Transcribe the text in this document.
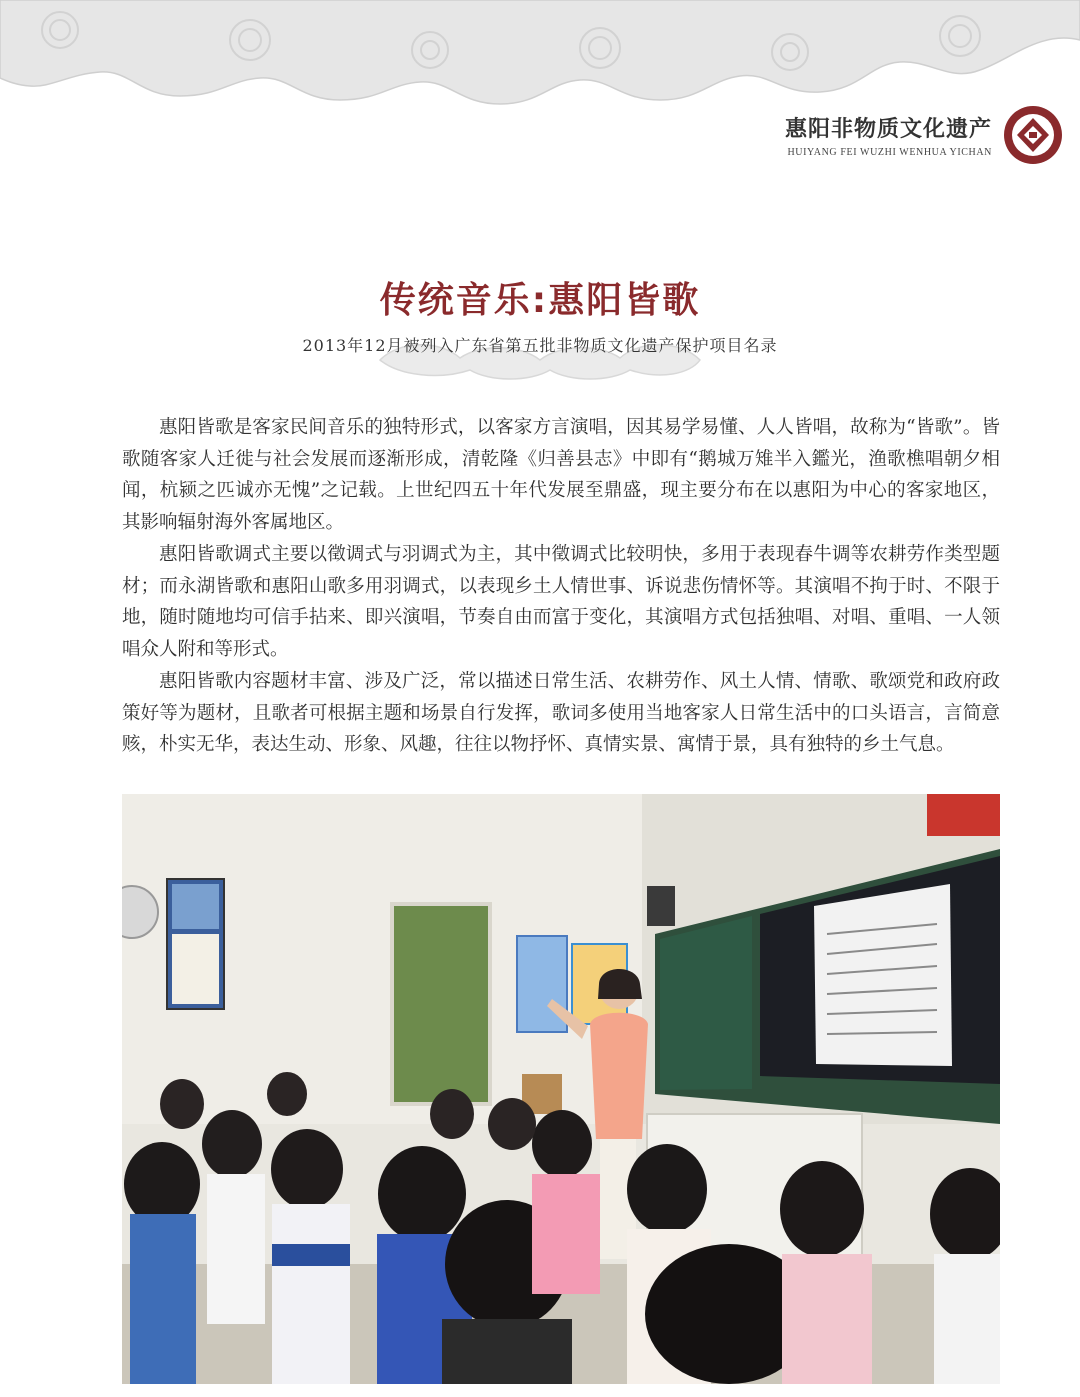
惠阳非物质文化遗产
HUIYANG FEI WUZHI WENHUA YICHAN
传统音乐:惠阳皆歌
2013年12月被列入广东省第五批非物质文化遗产保护项目名录

惠阳皆歌是客家民间音乐的独特形式，以客家方言演唱，因其易学易懂、人人皆唱，故称为“皆歌”。皆歌随客家人迁徙与社会发展而逐渐形成，清乾隆《归善县志》中即有“鹅城万雉半入鑑光，渔歌樵唱朝夕相闻，杭颍之匹诚亦无愧”之记载。上世纪四五十年代发展至鼎盛，现主要分布在以惠阳为中心的客家地区，其影响辐射海外客属地区。

惠阳皆歌调式主要以徵调式与羽调式为主，其中徵调式比较明快，多用于表现春牛调等农耕劳作类型题材；而永湖皆歌和惠阳山歌多用羽调式，以表现乡土人情世事、诉说悲伤情怀等。其演唱不拘于时、不限于地，随时随地均可信手拈来、即兴演唱，节奏自由而富于变化，其演唱方式包括独唱、对唱、重唱、一人领唱众人附和等形式。

惠阳皆歌内容题材丰富、涉及广泛，常以描述日常生活、农耕劳作、风土人情、情歌、歌颂党和政府政策好等为题材，且歌者可根据主题和场景自行发挥，歌词多使用当地客家人日常生活中的口头语言，言简意赅，朴实无华，表达生动、形象、风趣，往往以物抒怀、真情实景、寓情于景，具有独特的乡土气息。
